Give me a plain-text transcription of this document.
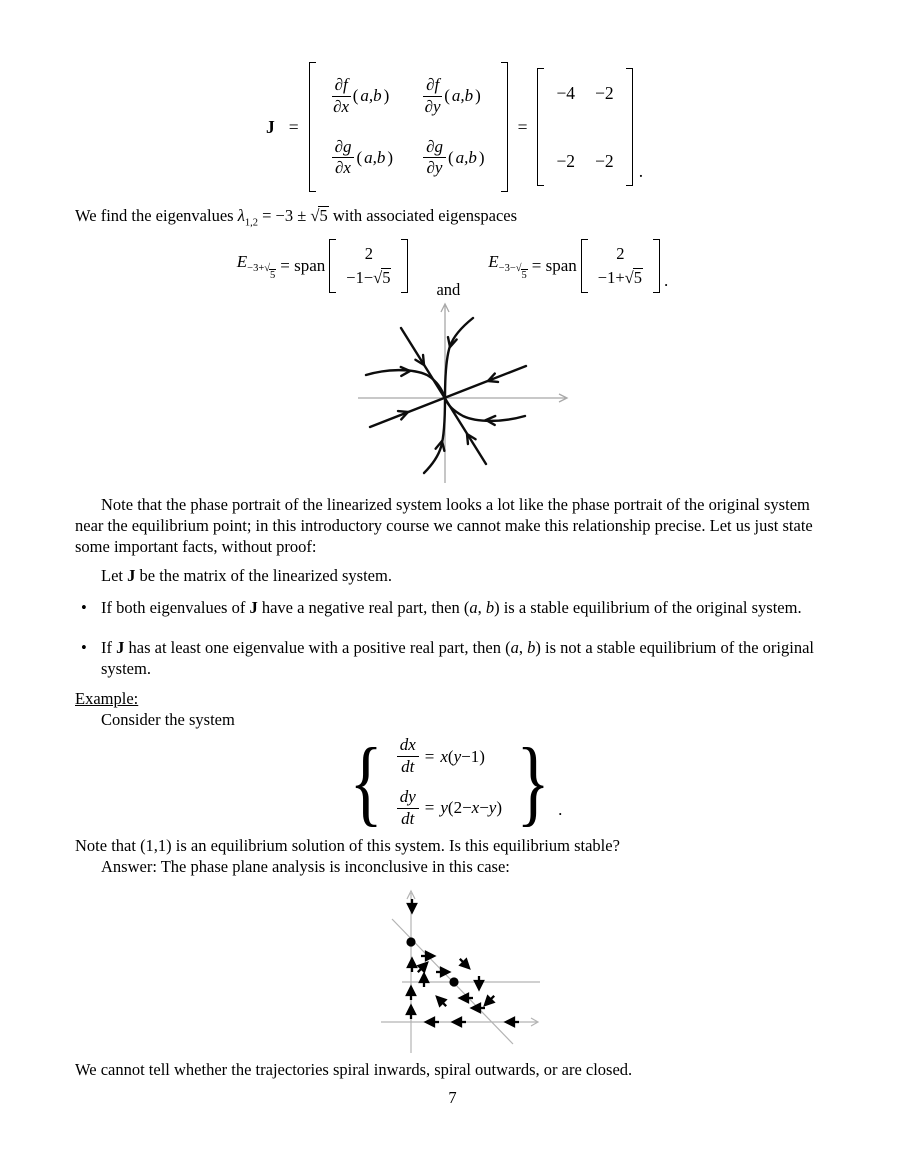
J =
$\frac{\partial f}{\partial x}$ ( a,b ) $\frac{\partial f}{\partial y}$ ( a,b )
$\frac{\partial g}{\partial x}$ ( a,b ) $\frac{\partial g}{\partial y}$ ( a,b )
=
−4 −2
−2 −2 .

We find the eigenvalues $\lambda_{1,2} = -3$ ± √ 5 with associated eigenspaces

$E_{-3+ √ 5}$
= span
2
−1− √ 5
and
$E_{-3- √ 5}$
= span
2
−1+ √ 5 .

Note that the phase portrait of the linearized system looks a lot like the phase portrait of the original system near the equilibrium point; in this introductory course we cannot make this relationship precise. Let us just state some important facts, without proof:

Let J be the matrix of the linearized system.

• If both eigenvalues of J have a negative real part, then (a, b) is a stable equilibrium of the original system.

• If J has at least one eigenvalue with a positive real part, then (a, b) is not a stable equilibrium of the original system.

Example:

Consider the system

{ $\frac{dx}{dt} = x(y-1)$
$\frac{dy}{dt} = y(2-x-y)$ } .

Note that (1,1) is an equilibrium solution of this system. Is this equilibrium stable?

Answer: The phase plane analysis is inconclusive in this case:

We cannot tell whether the trajectories spiral inwards, spiral outwards, or are closed.

7
